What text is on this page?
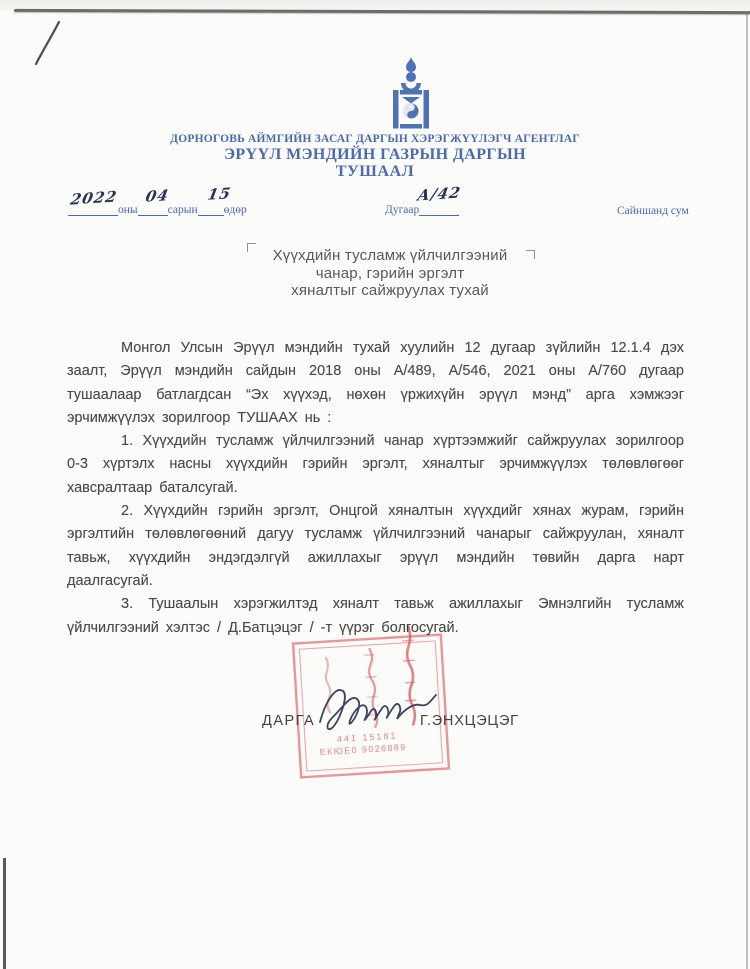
ДОРНОГОВЬ АЙМГИЙН ЗАСАГ ДАРГЫН ХЭРЭГЖҮҮЛЭГЧ АГЕНТЛАГ
ЭРҮҮЛ МЭНДИЙН ГАЗРЫН ДАРГЫН
ТУШААЛ
оны	сарын өдөр
2022 04 15
Дугаар
А/42
Сайншанд сум
Хүүхдийн тусламж үйлчилгээний
чанар, гэрийн эргэлт
хяналтыг сайжруулах тухай

Монгол Улсын Эрүүл мэндийн тухай хуулийн 12 дугаар зүйлийн 12.1.4 дэх заалт, Эрүүл мэндийн сайдын 2018 оны А/489, А/546, 2021 оны А/760 дугаар тушаалаар батлагдсан “Эх хүүхэд, нөхөн үржихүйн эрүүл мэнд” арга хэмжээг эрчимжүүлэх зорилгоор ТУШААХ нь :

1. Хүүхдийн тусламж үйлчилгээний чанар хүртээмжийг сайжруулах зорилгоор 0-3 хүртэлх насны хүүхдийн гэрийн эргэлт, хяналтыг эрчимжүүлэх төлөвлөгөөг хавсралтаар баталсугай.

2. Хүүхдийн гэрийн эргэлт, Онцгой хяналтын хүүхдийг хянах журам, гэрийн эргэлтийн төлөвлөгөөний дагуу тусламж үйлчилгээний чанарыг сайжруулан, хяналт тавьж, хүүхдийн эндэгдэлгүй ажиллахыг эрүүл мэндийн төвийн дарга нарт даалгасугай.

3. Тушаалын хэрэгжилтэд хяналт тавьж ажиллахыг Эмнэлгийн тусламж үйлчилгээний хэлтэс / Д.Батцэцэг / -т үүрэг болгосугай.

441 15181
ЕКЮЕ0 9026889
ДАРГА	Г.ЭНХЦЭЦЭГ
